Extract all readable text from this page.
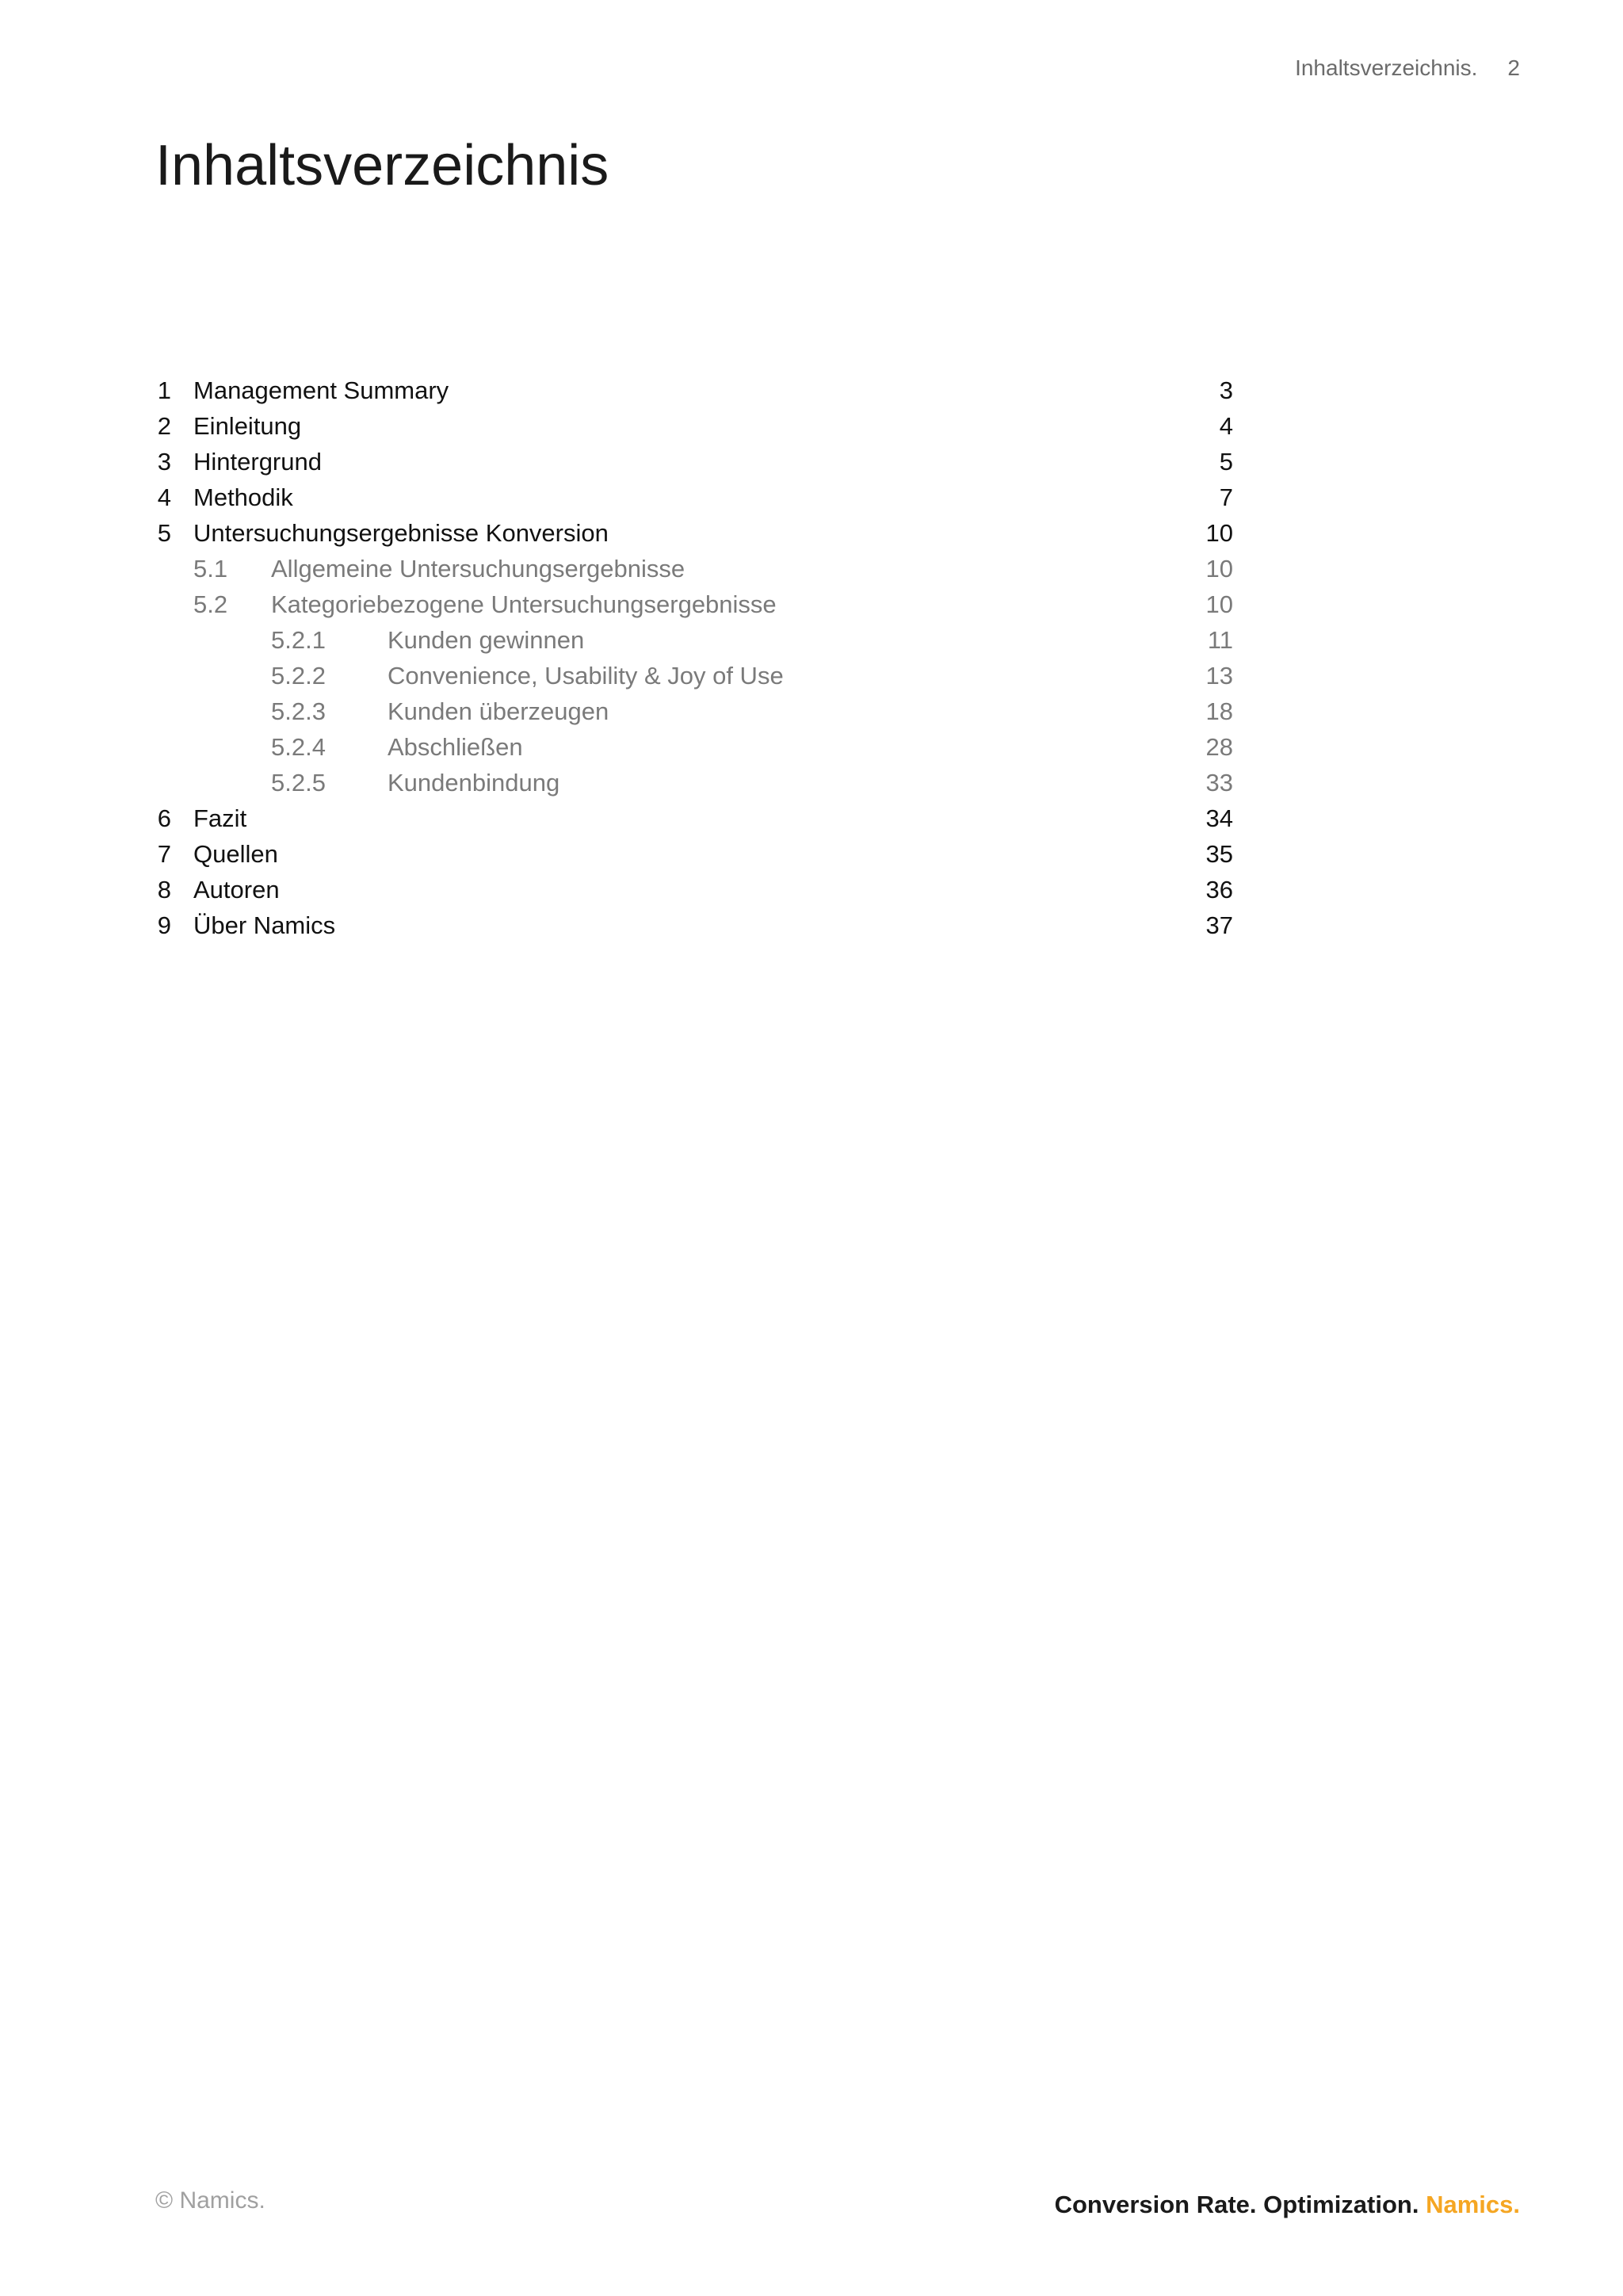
Inhaltsverzeichnis. 2
Inhaltsverzeichnis
1 Management Summary	3
2 Einleitung	4
3 Hintergrund	5
4 Methodik	7
5 Untersuchungsergebnisse Konversion	10
5.1 Allgemeine Untersuchungsergebnisse	10
5.2 Kategoriebezogene Untersuchungsergebnisse	10
5.2.1	Kunden gewinnen	11
5.2.2	Convenience, Usability & Joy of Use	13
5.2.3	Kunden überzeugen	18
5.2.4	Abschließen	28
5.2.5	Kundenbindung	33
6 Fazit	34
7 Quellen	35
8 Autoren	36
9 Über Namics	37
© Namics.	Conversion Rate. Optimization. Namics.
